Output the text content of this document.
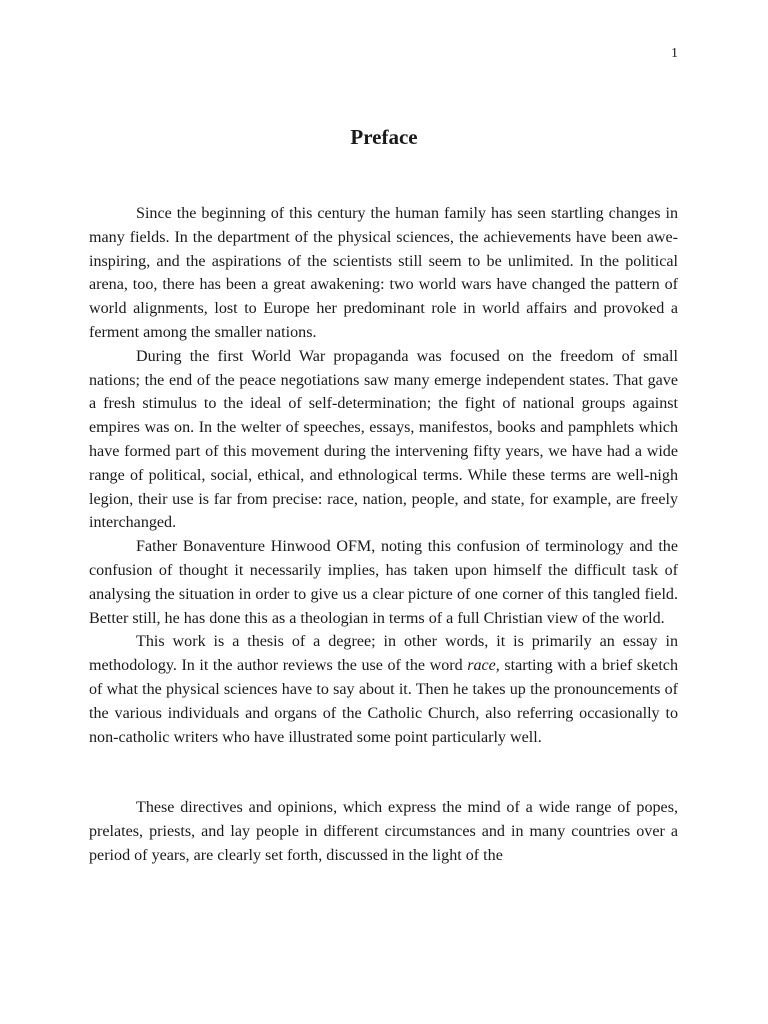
1
Preface

Since the beginning of this century the human family has seen startling changes in many fields. In the department of the physical sciences, the achievements have been awe-inspiring, and the aspirations of the scientists still seem to be unlimited. In the political arena, too, there has been a great awakening: two world wars have changed the pattern of world alignments, lost to Europe her predominant role in world affairs and provoked a ferment among the smaller nations.

During the first World War propaganda was focused on the freedom of small nations; the end of the peace negotiations saw many emerge independent states. That gave a fresh stimulus to the ideal of self-determination; the fight of national groups against empires was on. In the welter of speeches, essays, manifestos, books and pamphlets which have formed part of this movement during the intervening fifty years, we have had a wide range of political, social, ethical, and ethnological terms. While these terms are well-nigh legion, their use is far from precise: race, nation, people, and state, for example, are freely interchanged.

Father Bonaventure Hinwood OFM, noting this confusion of terminology and the confusion of thought it necessarily implies, has taken upon himself the difficult task of analysing the situation in order to give us a clear picture of one corner of this tangled field. Better still, he has done this as a theologian in terms of a full Christian view of the world.

This work is a thesis of a degree; in other words, it is primarily an essay in methodology. In it the author reviews the use of the word race, starting with a brief sketch of what the physical sciences have to say about it. Then he takes up the pronouncements of the various individuals and organs of the Catholic Church, also referring occasionally to non-catholic writers who have illustrated some point particularly well.

These directives and opinions, which express the mind of a wide range of popes, prelates, priests, and lay people in different circumstances and in many countries over a period of years, are clearly set forth, discussed in the light of the
